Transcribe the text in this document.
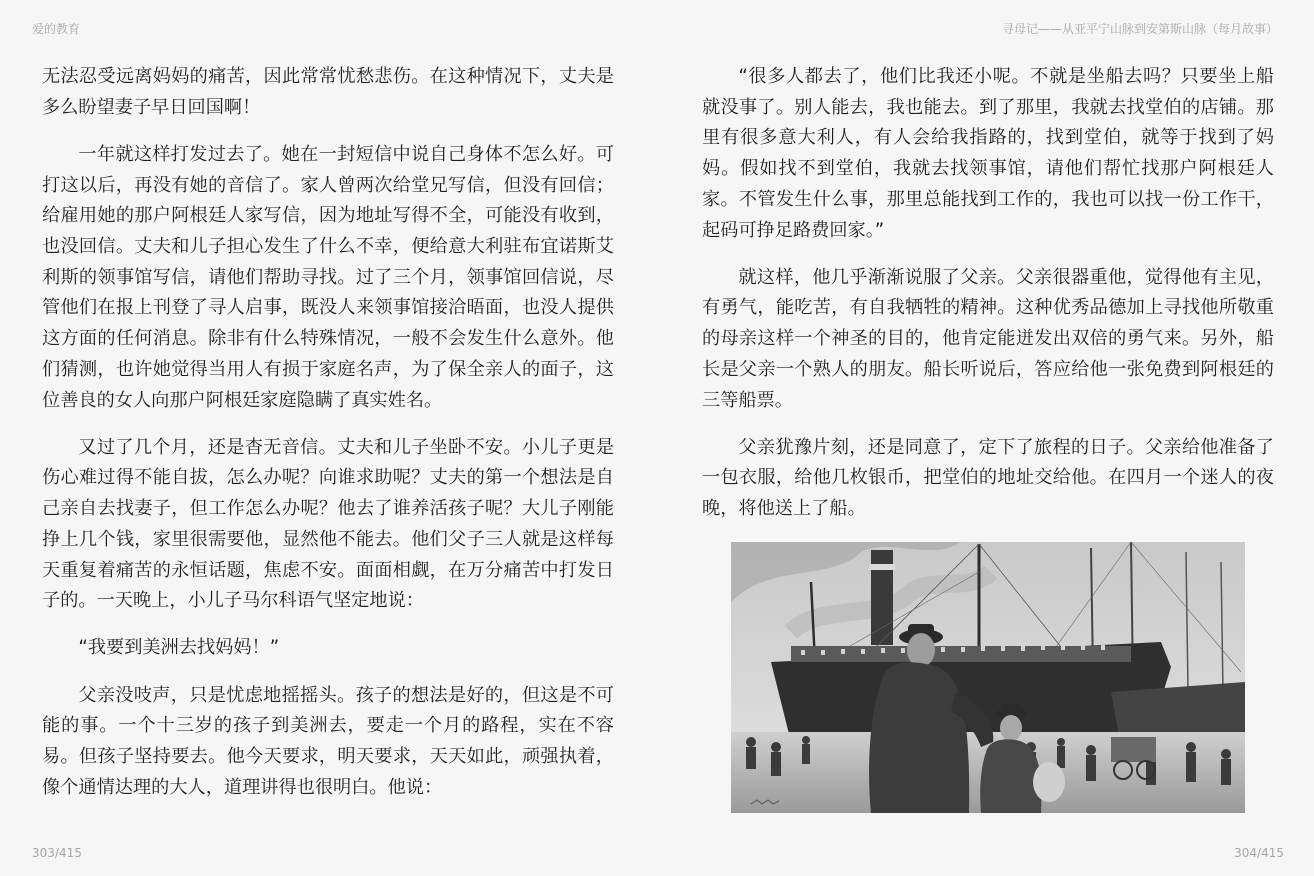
爱的教育	寻母记——从亚平宁山脉到安第斯山脉（每月故事）

无法忍受远离妈妈的痛苦，因此常常忧愁悲伤。在这种情况下，丈夫是多么盼望妻子早日回国啊！

一年就这样打发过去了。她在一封短信中说自己身体不怎么好。可打这以后，再没有她的音信了。家人曾两次给堂兄写信，但没有回信；给雇用她的那户阿根廷人家写信，因为地址写得不全，可能没有收到，也没回信。丈夫和儿子担心发生了什么不幸，便给意大利驻布宜诺斯艾利斯的领事馆写信，请他们帮助寻找。过了三个月，领事馆回信说，尽管他们在报上刊登了寻人启事，既没人来领事馆接洽晤面，也没人提供这方面的任何消息。除非有什么特殊情况，一般不会发生什么意外。他们猜测，也许她觉得当用人有损于家庭名声，为了保全亲人的面子，这位善良的女人向那户阿根廷家庭隐瞒了真实姓名。

又过了几个月，还是杳无音信。丈夫和儿子坐卧不安。小儿子更是伤心难过得不能自拔，怎么办呢？向谁求助呢？丈夫的第一个想法是自己亲自去找妻子，但工作怎么办呢？他去了谁养活孩子呢？大儿子刚能挣上几个钱，家里很需要他，显然他不能去。他们父子三人就是这样每天重复着痛苦的永恒话题，焦虑不安。面面相觑，在万分痛苦中打发日子的。一天晚上，小儿子马尔科语气坚定地说：

“我要到美洲去找妈妈！”

父亲没吱声，只是忧虑地摇摇头。孩子的想法是好的，但这是不可能的事。一个十三岁的孩子到美洲去，要走一个月的路程，实在不容易。但孩子坚持要去。他今天要求，明天要求，天天如此，顽强执着，像个通情达理的大人，道理讲得也很明白。他说：

“很多人都去了，他们比我还小呢。不就是坐船去吗？只要坐上船就没事了。别人能去，我也能去。到了那里，我就去找堂伯的店铺。那里有很多意大利人，有人会给我指路的，找到堂伯，就等于找到了妈妈。假如找不到堂伯，我就去找领事馆，请他们帮忙找那户阿根廷人家。不管发生什么事，那里总能找到工作的，我也可以找一份工作干，起码可挣足路费回家。”

就这样，他几乎渐渐说服了父亲。父亲很器重他，觉得他有主见，有勇气，能吃苦，有自我牺牲的精神。这种优秀品德加上寻找他所敬重的母亲这样一个神圣的目的，他肯定能迸发出双倍的勇气来。另外，船长是父亲一个熟人的朋友。船长听说后，答应给他一张免费到阿根廷的三等船票。

父亲犹豫片刻，还是同意了，定下了旅程的日子。父亲给他准备了一包衣服，给他几枚银币，把堂伯的地址交给他。在四月一个迷人的夜晚，将他送上了船。

303/415	304/415
